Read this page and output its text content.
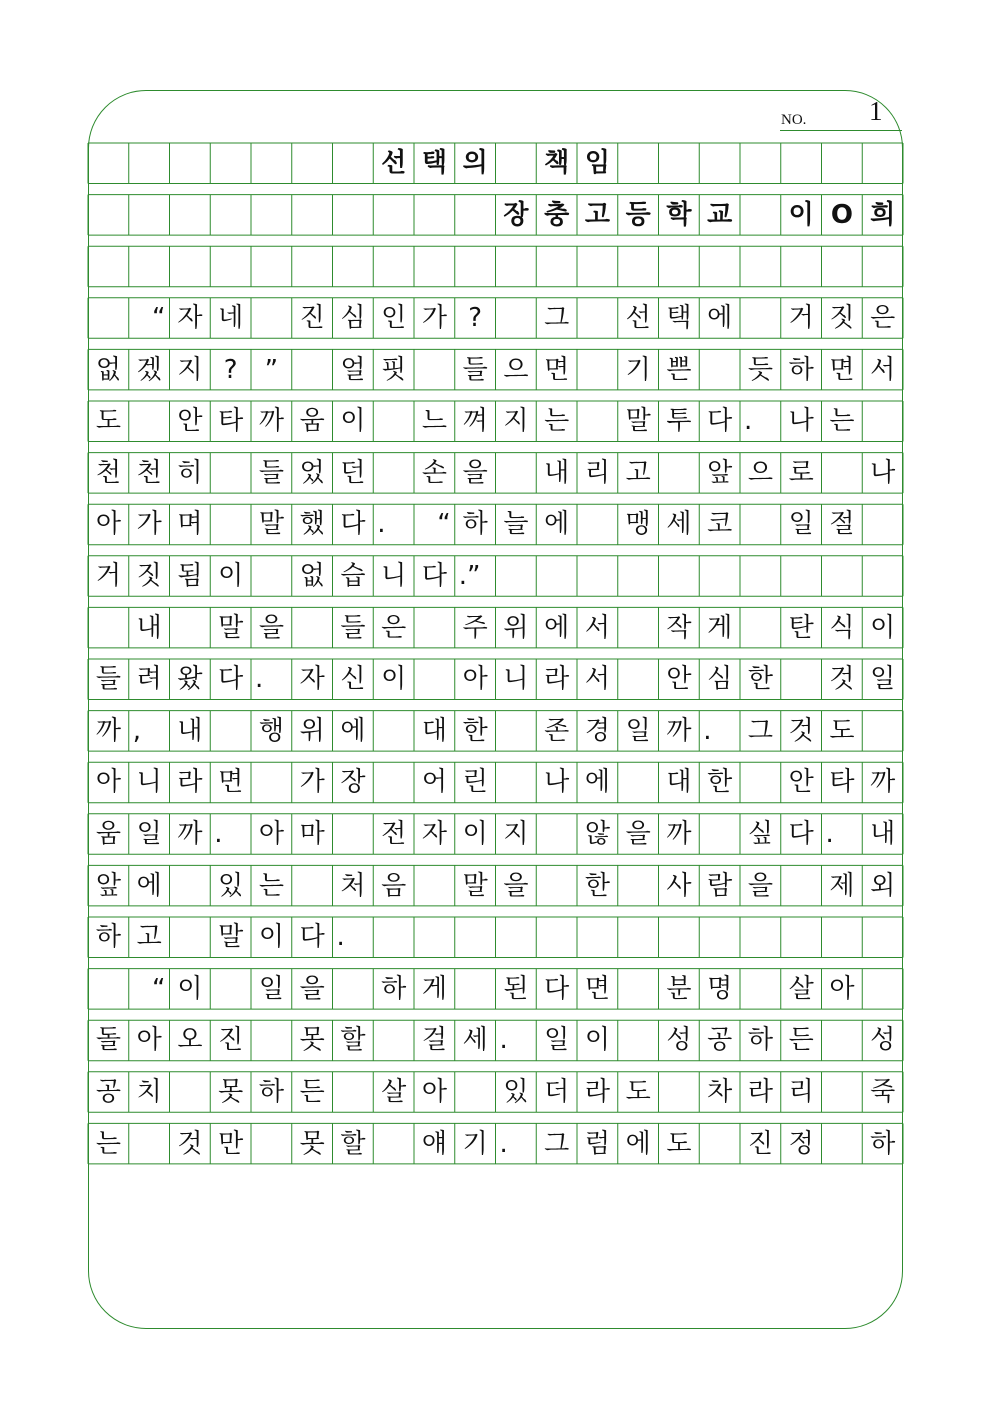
NO. 1
선 택 의	책 임
장 충 고 등 학 교	이 O 희
“ 자 네	진 심 인 가 ?	그	선 택 에	거 짓 은
없 겠 지 ?	”	얼 핏	들 으 면	기 쁜	듯 하 면 서
도	안 타 까 움 이	느 껴 지 는	말 투 다 .	나 는
천 천 히	들 었 던	손 을	내 리 고	앞 으 로	나
아 가 며	말 했 다 .	“ 하 늘 에	맹 세 코	일 절
거 짓 됨 이	없 습 니 다 .”
내	말 을	들 은	주 위 에 서	작 게	탄 식 이
들 려 왔 다 .	자 신 이	아 니 라 서	안 심 한	것 일
까 ,	내	행 위 에	대 한	존 경 일 까 .	그 것 도
아 니 라 면	가 장	어 린	나 에	대 한	안 타 까
움 일 까 .	아 마	전 자 이 지	않 을 까	싶 다 .	내
앞 에	있 는	처 음	말 을	한	사 람 을	제 외
하 고	말 이 다 .
“ 이	일 을	하 게	된 다 면	분 명	살 아
돌 아 오 진	못 할	걸 세 .	일 이	성 공 하 든	성
공 치	못 하 든	살 아	있 더 라 도	차 라 리	죽
는	것 만	못 할	얘 기 .	그 럼 에 도	진 정	하
